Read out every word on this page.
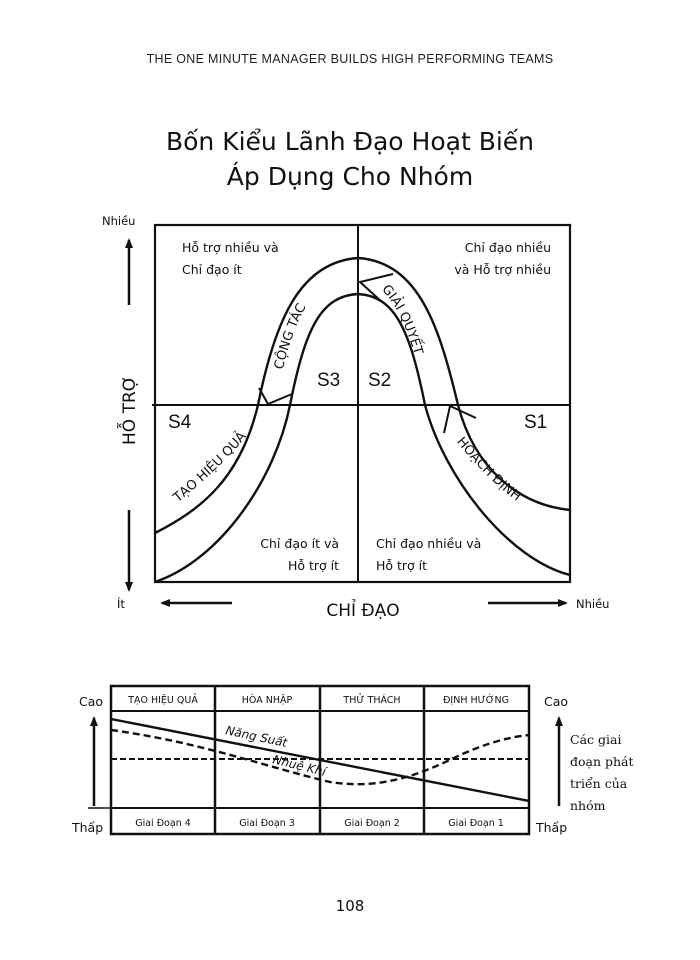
THE ONE MINUTE MANAGER BUILDS HIGH PERFORMING TEAMS
Bốn Kiểu Lãnh Đạo Hoạt Biến
Áp Dụng Cho Nhóm
TẠO HIỆU QUẢ
CỘNG TÁC
GIẢI QUYẾT
HOẠCH ĐỊNH
S3 S2
S4	S1
Hỗ trợ nhiều và
Chỉ đạo ít
Chỉ đạo nhiều
và Hỗ trợ nhiều
Chỉ đạo ít và
Hỗ trợ ít
Chỉ đạo nhiều và
Hỗ trợ ít
Nhiều
HỖ TRỢ
Ít	CHỈ ĐẠO	Nhiều
TẠO HIỆU QUẢ	HÒA NHẬP	THỬ THÁCH	ĐỊNH HƯỚNG
Giai Đoạn 4	Giai Đoạn 3	Giai Đoạn 2	Giai Đoạn 1
Năng Suất
Nhuệ Khí
Cao
Thấp
Cao
Thấp
Các giai
đoạn phát
triển của
nhóm
108
